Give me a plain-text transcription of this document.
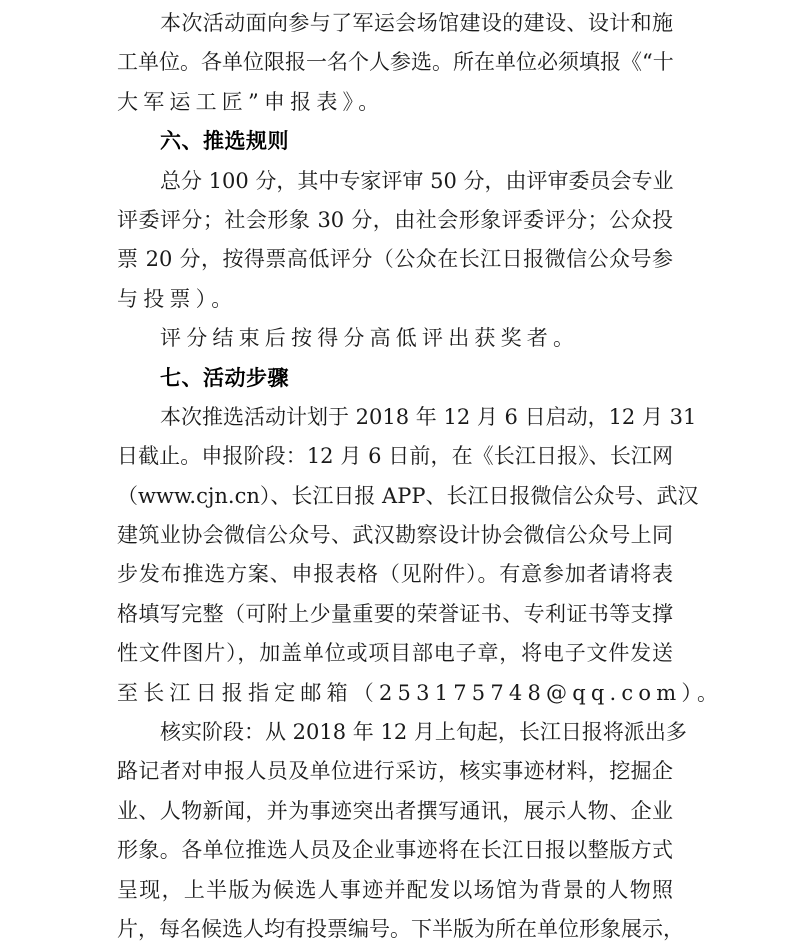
本次活动面向参与了军运会场馆建设的建设、设计和施
工单位。各单位限报一名个人参选。所在单位必须填报《“十
大军运工匠”申报表》。
六、推选规则
总分 100 分，其中专家评审 50 分，由评审委员会专业
评委评分；社会形象 30 分，由社会形象评委评分；公众投
票 20 分，按得票高低评分（公众在长江日报微信公众号参
与投票）。
评分结束后按得分高低评出获奖者。
七、活动步骤
本次推选活动计划于 2018 年 12 月 6 日启动，12 月 31
日截止。申报阶段：12 月 6 日前，在《长江日报》、长江网
（www.cjn.cn）、长江日报 APP、长江日报微信公众号、武汉
建筑业协会微信公众号、武汉勘察设计协会微信公众号上同
步发布推选方案、申报表格（见附件）。有意参加者请将表
格填写完整（可附上少量重要的荣誉证书、专利证书等支撑
性文件图片），加盖单位或项目部电子章，将电子文件发送
至长江日报指定邮箱（253175748@qq.com）。
核实阶段：从 2018 年 12 月上旬起，长江日报将派出多
路记者对申报人员及单位进行采访，核实事迹材料，挖掘企
业、人物新闻，并为事迹突出者撰写通讯，展示人物、企业
形象。各单位推选人员及企业事迹将在长江日报以整版方式
呈现，上半版为候选人事迹并配发以场馆为背景的人物照
片，每名候选人均有投票编号。下半版为所在单位形象展示，
